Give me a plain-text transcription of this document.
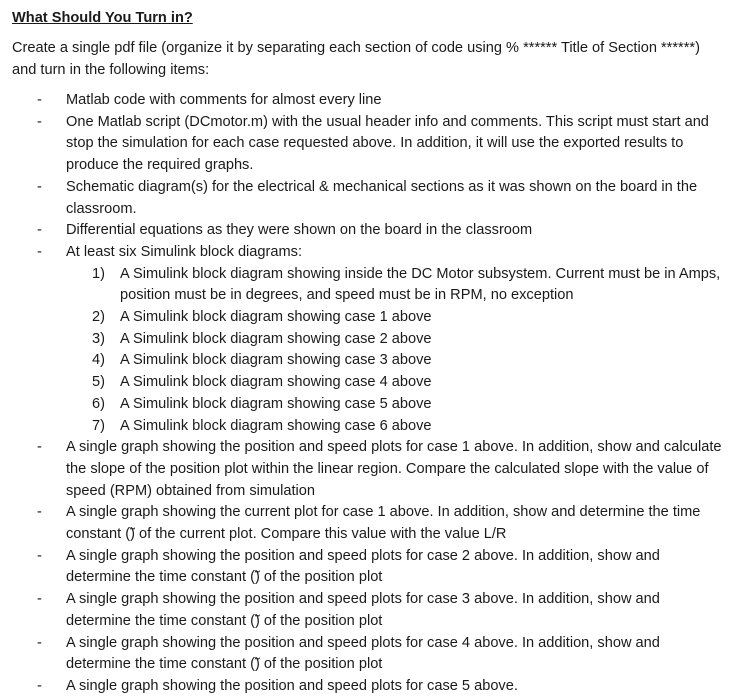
What Should You Turn in?
Create a single pdf file (organize it by separating each section of code using % ****** Title of Section ******) and turn in the following items:
- Matlab code with comments for almost every line
- One Matlab script (DCmotor.m) with the usual header info and comments. This script must start and stop the simulation for each case requested above. In addition, it will use the exported results to produce the required graphs.
- Schematic diagram(s) for the electrical & mechanical sections as it was shown on the board in the classroom.
- Differential equations as they were shown on the board in the classroom
- At least six Simulink block diagrams:
1) A Simulink block diagram showing inside the DC Motor subsystem. Current must be in Amps, position must be in degrees, and speed must be in RPM, no exception
2) A Simulink block diagram showing case 1 above
3) A Simulink block diagram showing case 2 above
4) A Simulink block diagram showing case 3 above
5) A Simulink block diagram showing case 4 above
6) A Simulink block diagram showing case 5 above
7) A Simulink block diagram showing case 6 above
- A single graph showing the position and speed plots for case 1 above. In addition, show and calculate the slope of the position plot within the linear region. Compare the calculated slope with the value of speed (RPM) obtained from simulation
- A single graph showing the current plot for case 1 above. In addition, show and determine the time constant (̃) of the current plot. Compare this value with the value L/R
- A single graph showing the position and speed plots for case 2 above. In addition, show and determine the time constant (̃) of the position plot
- A single graph showing the position and speed plots for case 3 above. In addition, show and determine the time constant (̃) of the position plot
- A single graph showing the position and speed plots for case 4 above. In addition, show and determine the time constant (̃) of the position plot
- A single graph showing the position and speed plots for case 5 above.
